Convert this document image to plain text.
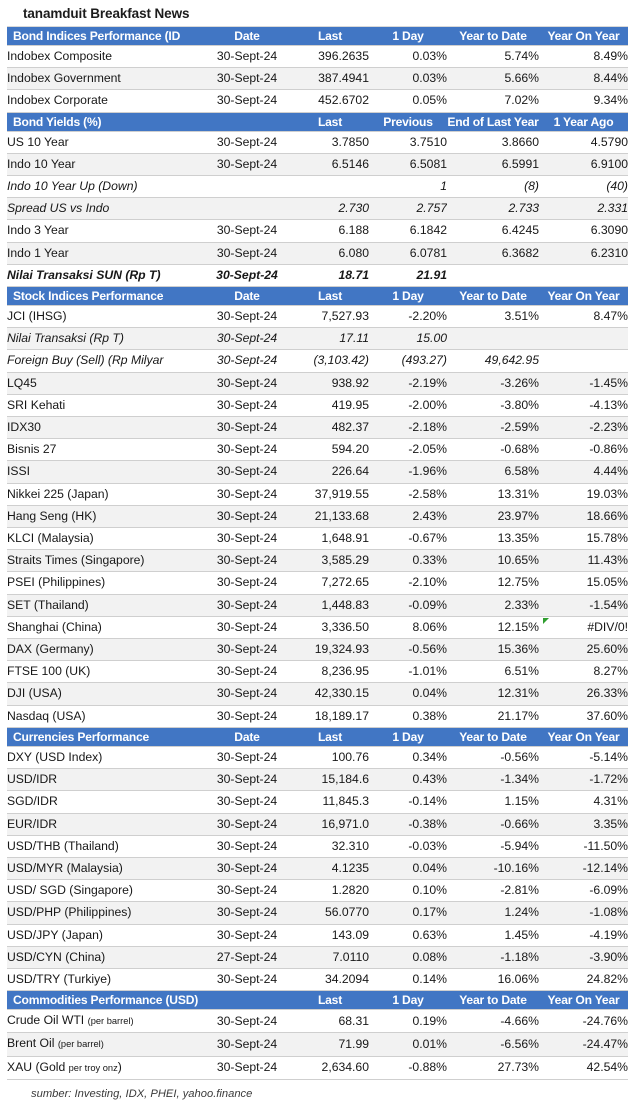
tanamduit Breakfast News
Bond Indices Performance (ID	Date	Last	1 Day	Year to Date	Year On Year

Indobex Composite	30-Sept-24	396.2635	0.03%	5.74%	8.49%

Indobex Government	30-Sept-24	387.4941	0.03%	5.66%	8.44%

Indobex Corporate	30-Sept-24	452.6702	0.05%	7.02%	9.34%
Bond Yields (%)		Last	Previous	End of Last Year	1 Year Ago

US 10 Year	30-Sept-24	3.7850	3.7510	3.8660	4.5790

Indo 10 Year	30-Sept-24	6.5146	6.5081	6.5991	6.9100

Indo 10 Year Up (Down)			1	(8)	(40)

Spread US vs Indo		2.730	2.757	2.733	2.331

Indo 3 Year	30-Sept-24	6.188	6.1842	6.4245	6.3090

Indo 1 Year	30-Sept-24	6.080	6.0781	6.3682	6.2310

Nilai Transaksi SUN (Rp T)	30-Sept-24	18.71	21.91		
Stock Indices Performance	Date	Last	1 Day	Year to Date	Year On Year

JCI (IHSG)	30-Sept-24	7,527.93	-2.20%	3.51%	8.47%

Nilai Transaksi (Rp T)	30-Sept-24	17.11	15.00		

Foreign Buy (Sell) (Rp Milyar	30-Sept-24	(3,103.42)	(493.27)	49,642.95	

LQ45	30-Sept-24	938.92	-2.19%	-3.26%	-1.45%

SRI Kehati	30-Sept-24	419.95	-2.00%	-3.80%	-4.13%

IDX30	30-Sept-24	482.37	-2.18%	-2.59%	-2.23%

Bisnis 27	30-Sept-24	594.20	-2.05%	-0.68%	-0.86%

ISSI	30-Sept-24	226.64	-1.96%	6.58%	4.44%

Nikkei 225 (Japan)	30-Sept-24	37,919.55	-2.58%	13.31%	19.03%

Hang Seng (HK)	30-Sept-24	21,133.68	2.43%	23.97%	18.66%

KLCI (Malaysia)	30-Sept-24	1,648.91	-0.67%	13.35%	15.78%

Straits Times (Singapore)	30-Sept-24	3,585.29	0.33%	10.65%	11.43%

PSEI (Philippines)	30-Sept-24	7,272.65	-2.10%	12.75%	15.05%

SET (Thailand)	30-Sept-24	1,448.83	-0.09%	2.33%	-1.54%

Shanghai (China)	30-Sept-24	3,336.50	8.06%	12.15%	#DIV/0!

DAX (Germany)	30-Sept-24	19,324.93	-0.56%	15.36%	25.60%

FTSE 100 (UK)	30-Sept-24	8,236.95	-1.01%	6.51%	8.27%

DJI (USA)	30-Sept-24	42,330.15	0.04%	12.31%	26.33%

Nasdaq (USA)	30-Sept-24	18,189.17	0.38%	21.17%	37.60%
Currencies Performance	Date	Last	1 Day	Year to Date	Year On Year

DXY (USD Index)	30-Sept-24	100.76	0.34%	-0.56%	-5.14%

USD/IDR	30-Sept-24	15,184.6	0.43%	-1.34%	-1.72%

SGD/IDR	30-Sept-24	11,845.3	-0.14%	1.15%	4.31%

EUR/IDR	30-Sept-24	16,971.0	-0.38%	-0.66%	3.35%

USD/THB (Thailand)	30-Sept-24	32.310	-0.03%	-5.94%	-11.50%

USD/MYR (Malaysia)	30-Sept-24	4.1235	0.04%	-10.16%	-12.14%

USD/ SGD (Singapore)	30-Sept-24	1.2820	0.10%	-2.81%	-6.09%

USD/PHP (Philippines)	30-Sept-24	56.0770	0.17%	1.24%	-1.08%

USD/JPY (Japan)	30-Sept-24	143.09	0.63%	1.45%	-4.19%

USD/CYN (China)	27-Sept-24	7.0110	0.08%	-1.18%	-3.90%

USD/TRY (Turkiye)	30-Sept-24	34.2094	0.14%	16.06%	24.82%
Commodities Performance (USD)		Last	1 Day	Year to Date	Year On Year

Crude Oil WTI (per barrel)	30-Sept-24	68.31	0.19%	-4.66%	-24.76%

Brent Oil (per barrel)	30-Sept-24	71.99	0.01%	-6.56%	-24.47%

XAU (Gold per troy onz)	30-Sept-24	2,634.60	-0.88%	27.73%	42.54%
sumber: Investing, IDX, PHEI, yahoo.finance
